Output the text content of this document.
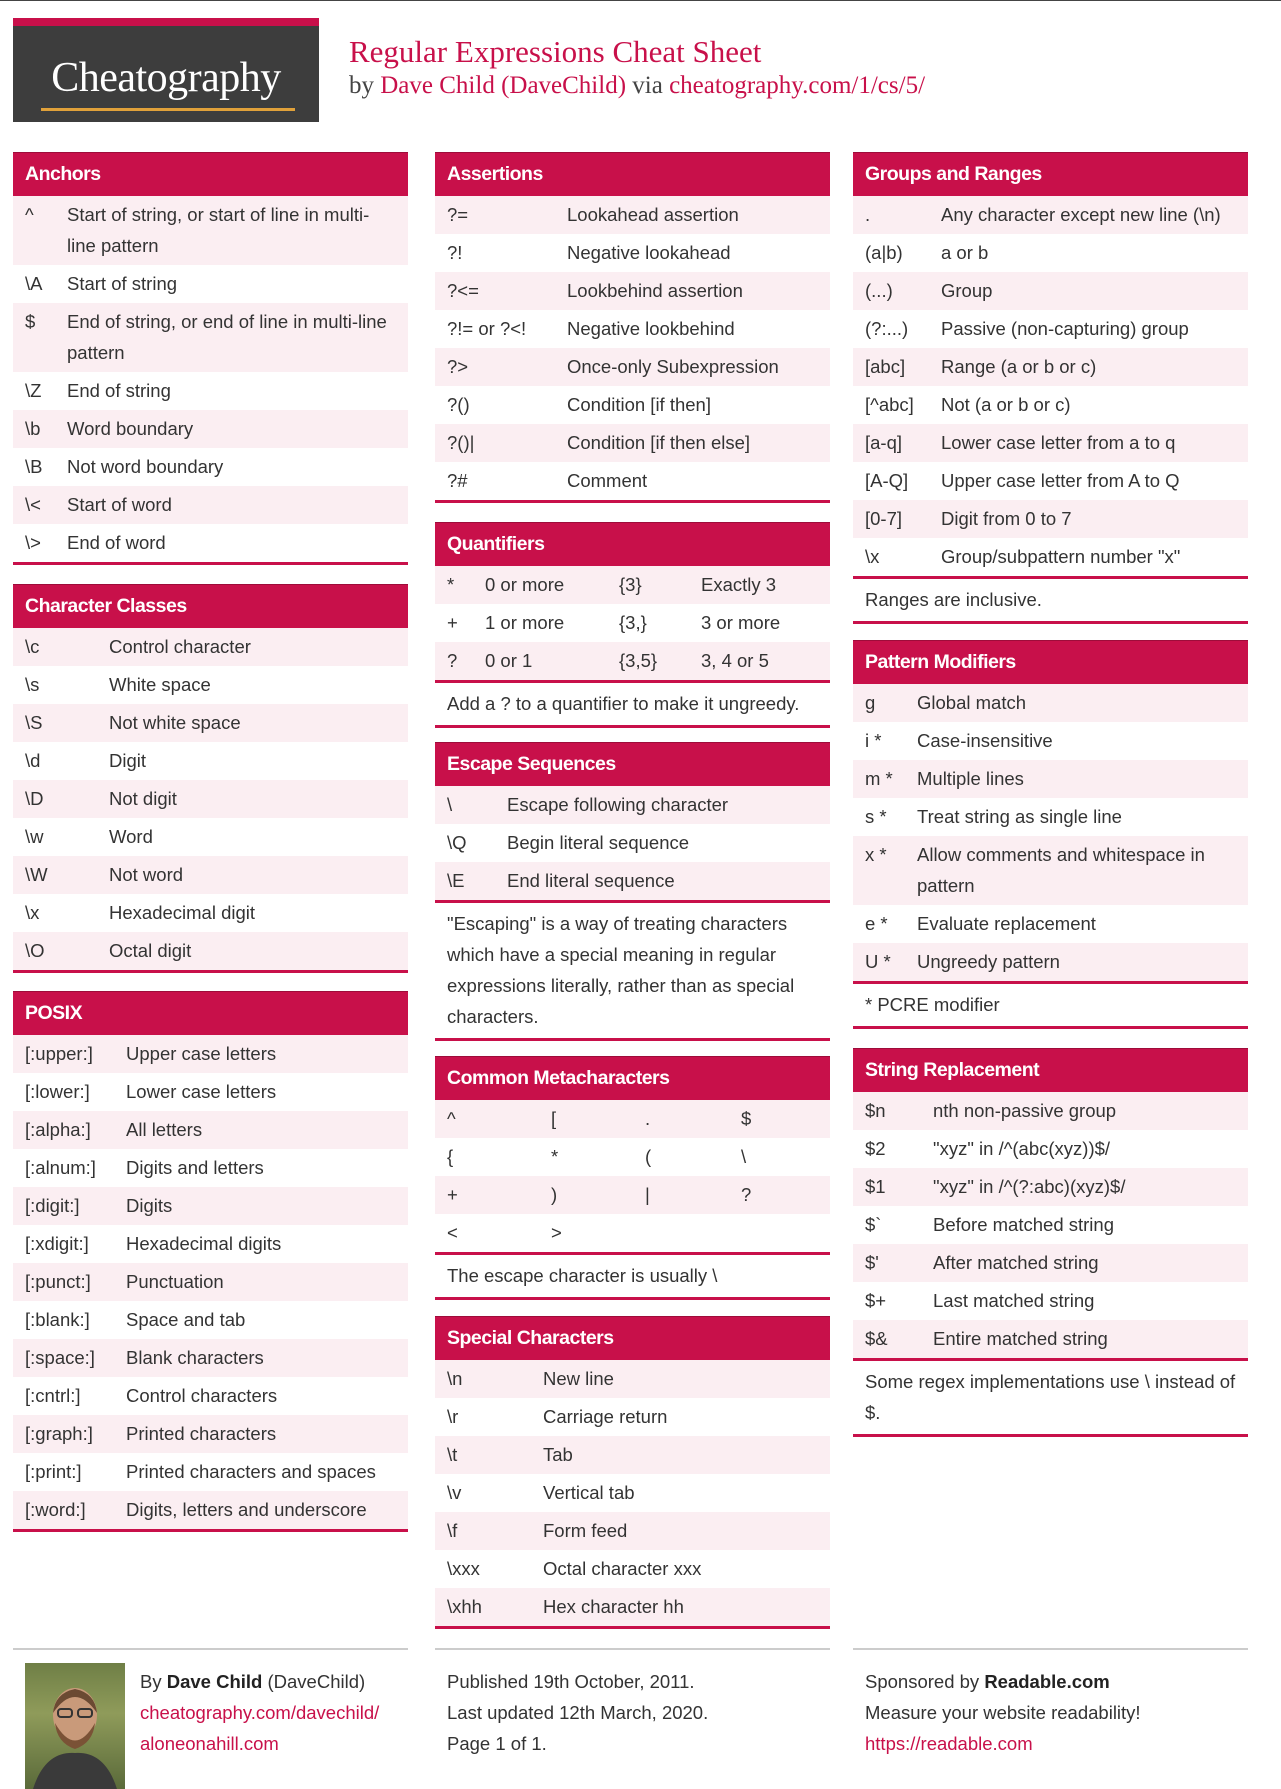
Cheatography
Regular Expressions Cheat Sheet
by Dave Child (DaveChild) via cheatography.com/1/cs/5/
Anchors
^	Start of string, or start of line in multi-line pattern
\A	Start of string
$	End of string, or end of line in multi-line pattern
\Z	End of string
\b	Word boundary
\B	Not word boundary
\<	Start of word
\>	End of word
Character Classes
\c	Control character
\s	White space
\S	Not white space
\d	Digit
\D	Not digit
\w	Word
\W	Not word
\x	Hexadecimal digit
\O	Octal digit
POSIX
[:upper:]	Upper case letters
[:lower:]	Lower case letters
[:alpha:]	All letters
[:alnum:]	Digits and letters
[:digit:]	Digits
[:xdigit:]	Hexadecimal digits
[:punct:]	Punctuation
[:blank:]	Space and tab
[:space:]	Blank characters
[:cntrl:]	Control characters
[:graph:]	Printed characters
[:print:]	Printed characters and spaces
[:word:]	Digits, letters and underscore
Assertions
?=	Lookahead assertion
?!	Negative lookahead
?<=	Lookbehind assertion
?!= or ?<!	Negative lookbehind
?>	Once-only Subexpression
?()	Condition [if then]
?()|	Condition [if then else]
?#	Comment
Quantifiers
*	0 or more	{3}	Exactly 3
+	1 or more	{3,}	3 or more
?	0 or 1	{3,5}	3, 4 or 5
Add a ? to a quantifier to make it ungreedy.
Escape Sequences
\	Escape following character
\Q	Begin literal sequence
\E	End literal sequence
"Escaping" is a way of treating characters which have a special meaning in regular expressions literally, rather than as special characters.
Common Metacharacters
^	[	.	$
{	*	(	\
+	)	|	?
<	>
The escape character is usually \
Special Characters
\n	New line
\r	Carriage return
\t	Tab
\v	Vertical tab
\f	Form feed
\xxx	Octal character xxx
\xhh	Hex character hh
Groups and Ranges
.	Any character except new line (\n)
(a|b)	a or b
(...)	Group
(?:...)	Passive (non-capturing) group
[abc]	Range (a or b or c)
[^abc]	Not (a or b or c)
[a-q]	Lower case letter from a to q
[A-Q]	Upper case letter from A to Q
[0-7]	Digit from 0 to 7
\x	Group/subpattern number "x"
Ranges are inclusive.
Pattern Modifiers
g	Global match
i *	Case-insensitive
m *	Multiple lines
s *	Treat string as single line
x *	Allow comments and whitespace in pattern
e *	Evaluate replacement
U *	Ungreedy pattern
* PCRE modifier
String Replacement
$n	nth non-passive group
$2	"xyz" in /^(abc(xyz))$/
$1	"xyz" in /^(?:abc)(xyz)$/
$`	Before matched string
$'	After matched string
$+	Last matched string
$&	Entire matched string
Some regex implementations use \ instead of $.
By Dave Child (DaveChild)
cheatography.com/davechild/
aloneonahill.com
Published 19th October, 2011.
Last updated 12th March, 2020.
Page 1 of 1.
Sponsored by Readable.com
Measure your website readability!
https://readable.com
